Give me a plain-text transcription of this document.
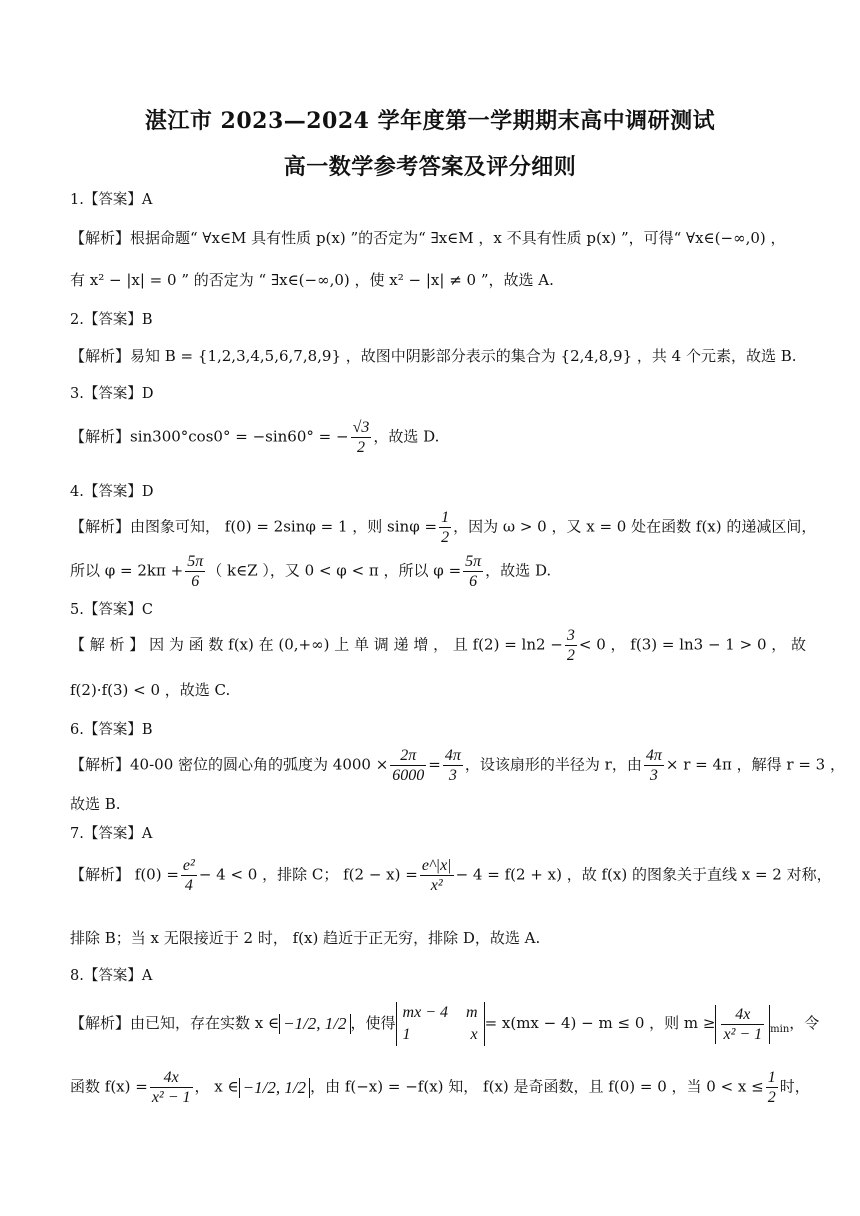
湛江市 2023—2024 学年度第一学期期末高中调研测试
高一数学参考答案及评分细则
1.【答案】A
【解析】根据命题“ ∀x∈M 具有性质 p(x) ”的否定为“ ∃x∈M ，x 不具有性质 p(x) ”，可得“ ∀x∈(−∞,0) ，
有 x² − |x| = 0 ” 的否定为 “ ∃x∈(−∞,0) ，使 x² − |x| ≠ 0 ”，故选 A.
2.【答案】B
【解析】易知 B = {1,2,3,4,5,6,7,8,9} ，故图中阴影部分表示的集合为 {2,4,8,9} ，共 4 个元素，故选 B.
3.【答案】D
【解析】sin300°cos0° = −sin60° = − $\frac{√3}{2}$ ，故选 D.
4.【答案】D
【解析】由图象可知， f(0) = 2sinφ = 1 ，则 $\sin\varphi = \frac{1}{2}$ ，因为 ω > 0 ，又 x = 0 处在函数 f(x) 的递减区间，
所以 $\varphi = 2k\pi + \frac{5\pi}{6}$ （ k∈Z ），又 0 < φ < π ，所以 $\varphi = \frac{5\pi}{6}$ ，故选 D.
5.【答案】C
【 解 析 】 因 为 函 数 f(x) 在 (0,+∞) 上 单 调 递 增 ， 且 $f(2) = \ln 2 - \frac{3}{2} < 0$ ， f(3) = ln3 − 1 > 0 ， 故
f(2)·f(3) < 0 ，故选 C.
6.【答案】B
【解析】40-00 密位的圆心角的弧度为 $4000 \times \frac{2\pi}{6000} = \frac{4\pi}{3}$ ，设该扇形的半径为 r，由 $\frac{4\pi}{3} \times r = 4\pi$ ，解得 r = 3 ，
故选 B.
7.【答案】A
【解析】 $f(0) = \frac{\text{e²}}{4} - 4 < 0$ ，排除 C； $f(2 - x) = \frac{e\^{}|x|}{\text{x²}} - 4 = f(2 + x)$ ，故 f(x) 的图象关于直线 x = 2 对称，
排除 B；当 x 无限接近于 2 时， f(x) 趋近于正无穷，排除 D，故选 A.
8.【答案】A
【解析】由已知，存在实数 x ∈ −1/2, 1/2 ，使得
mx − 4 m
1	x
= x(mx − 4) − m ≤ 0 ，则 $m \ge \frac{4x}{\text{x² − 1}} _{min}$，令
函数 $f(x) = \frac{4x}{\text{x² − 1}}$ ， x ∈ −1/2, 1/2 ，由 f(−x) = −f(x) 知， f(x) 是奇函数，且 f(0) = 0 ，当 $0 < x \le \frac{1}{2}$ 时，
